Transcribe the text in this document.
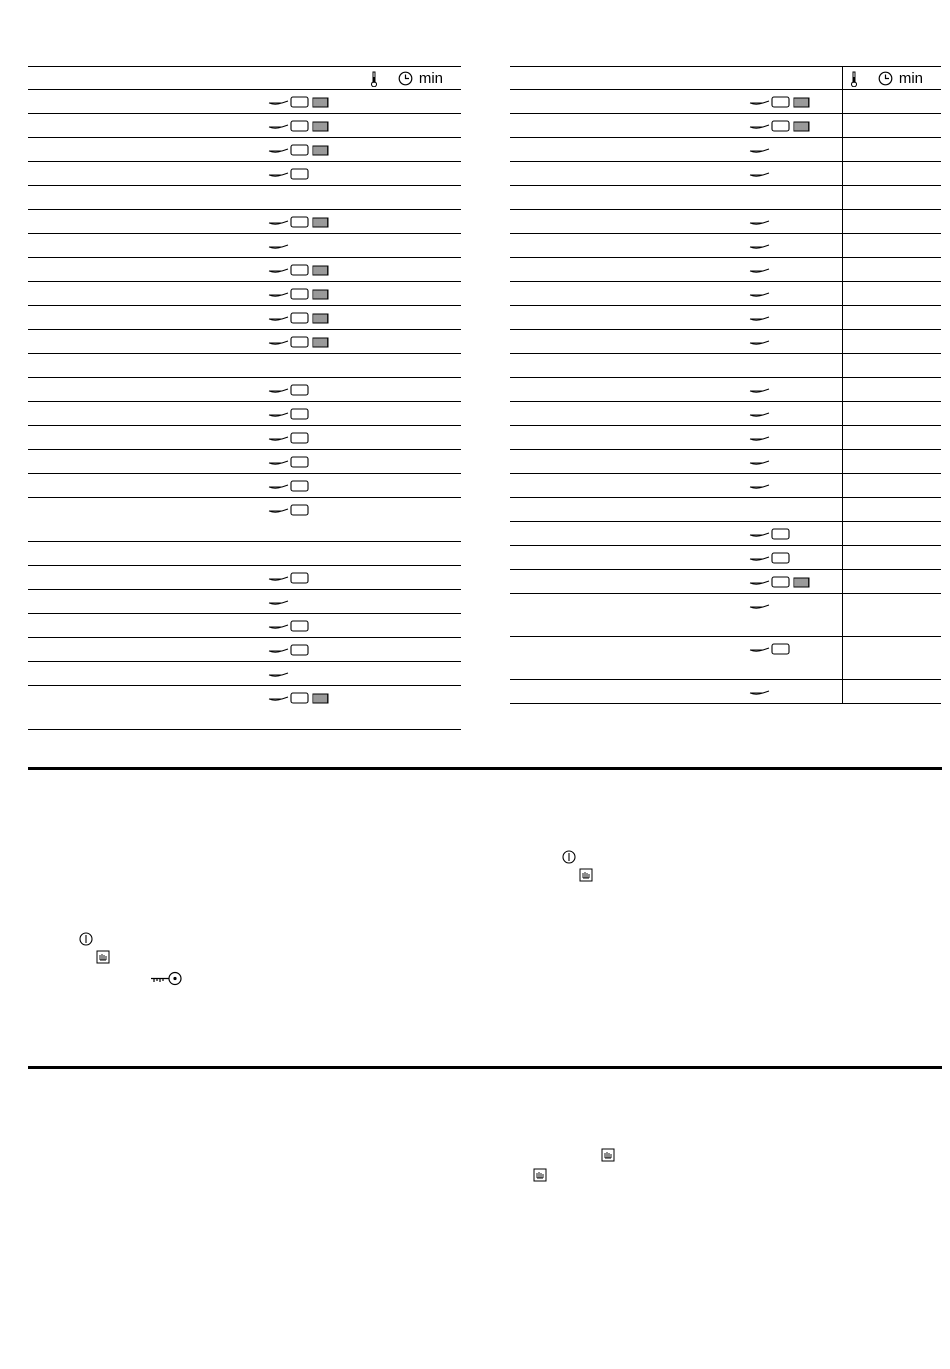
min	min
